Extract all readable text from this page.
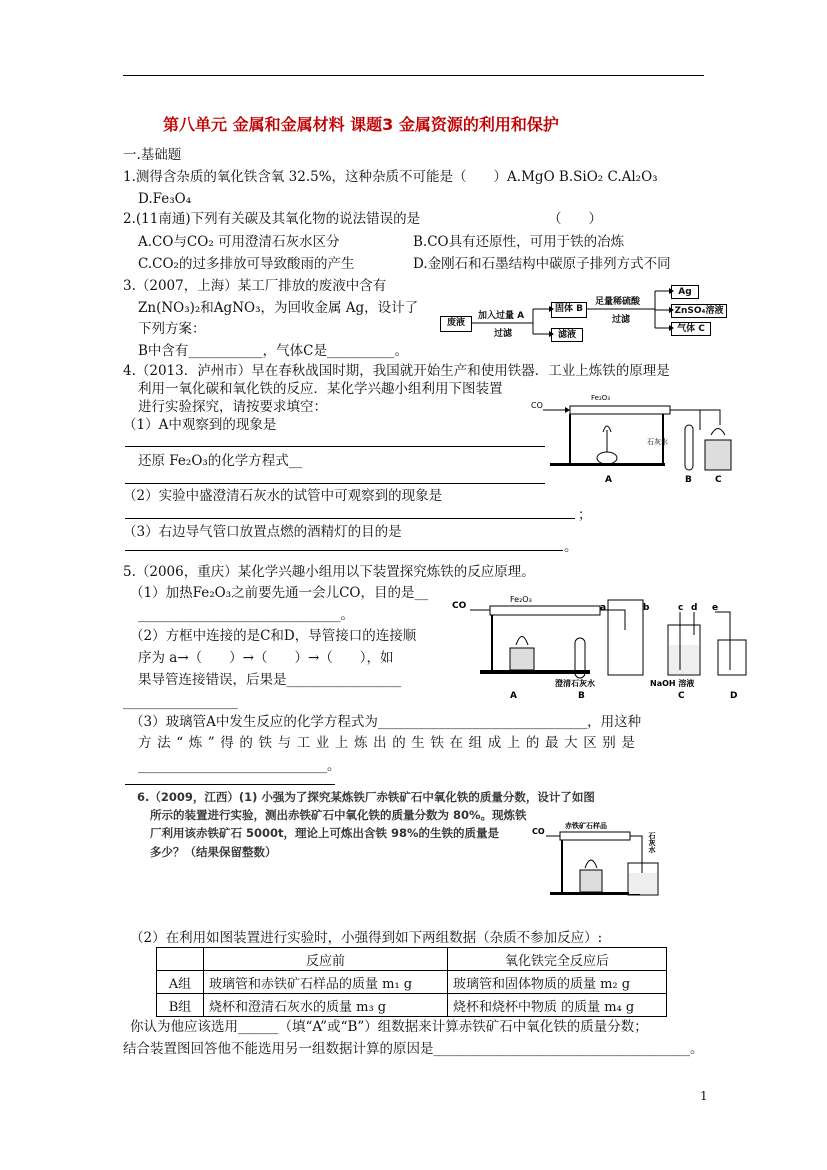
第八单元 金属和金属材料 课题3 金属资源的利用和保护
一.基础题
1.测得含杂质的氧化铁含氧 32.5%，这种杂质不可能是（　　）A.MgO B.SiO₂ C.Al₂O₃
D.Fe₃O₄
2.(11南通)下列有关碳及其氧化物的说法错误的是	（　　）
A.CO与CO₂ 可用澄清石灰水区分	B.CO具有还原性，可用于铁的冶炼
C.CO₂的过多排放可导致酸雨的产生	D.金刚石和石墨结构中碳原子排列方式不同
3.（2007，上海）某工厂排放的废液中含有
Zn(NO₃)₂和AgNO₃，为回收金属 Ag，设计了
下列方案：
B中含有___________，气体C是__________。
废液
加入过量 A
过滤
固体 B
滤液
足量稀硫酸
过滤
Ag
ZnSO₄溶液
气体 C
4.（2013．泸州市）早在春秋战国时期，我国就开始生产和使用铁器．工业上炼铁的原理是
利用一氧化碳和氧化铁的反应．某化学兴趣小组利用下图装置
进行实验探究，请按要求填空：
（1）A中观察到的现象是
还原 Fe₂O₃的化学方程式__
（2）实验中盛澄清石灰水的试管中可观察到的现象是
；
（3）右边导气管口放置点燃的酒精灯的目的是
。
CO
Fe₂O₃
石灰水
A	B	C
5.（2006，重庆）某化学兴趣小组用以下装置探究炼铁的反应原理。
（1）加热Fe₂O₃之前要先通一会儿CO，目的是__
______________________________。
（2）方框中连接的是C和D，导管接口的连接顺
序为 a→（　　）→（　　）→（　　），如
果导管连接错误，后果是_________________
_________________
（3）玻璃管A中发生反应的化学方程式为_______________________________，用这种
方法“炼”得的铁与工业上炼出的生铁在组成上的最大区别是
____________________________。
CO
Fe₂O₃
a	b	c d e
澄清石灰水	NaOH 溶液
A	B	C	D
6.（2009，江西）(1) 小强为了探究某炼铁厂赤铁矿石中氧化铁的质量分数，设计了如图
所示的装置进行实验，测出赤铁矿石中氧化铁的质量分数为 80%。现炼铁
厂利用该赤铁矿石 5000t，理论上可炼出含铁 98%的生铁的质量是
多少？（结果保留整数）
CO
赤铁矿石样品
石灰水
（2）在利用如图装置进行实验时，小强得到如下两组数据（杂质不参加反应）:
	反应前	氧化铁完全反应后
A组	玻璃管和赤铁矿石样品的质量 m₁ g	玻璃管和固体物质的质量 m₂ g
B组	烧杯和澄清石灰水的质量 m₃ g	烧杯和烧杯中物质 的质量 m₄ g
你认为他应该选用______（填“A”或“B”）组数据来计算赤铁矿石中氧化铁的质量分数；
结合装置图回答他不能选用另一组数据计算的原因是______________________________________。
1
